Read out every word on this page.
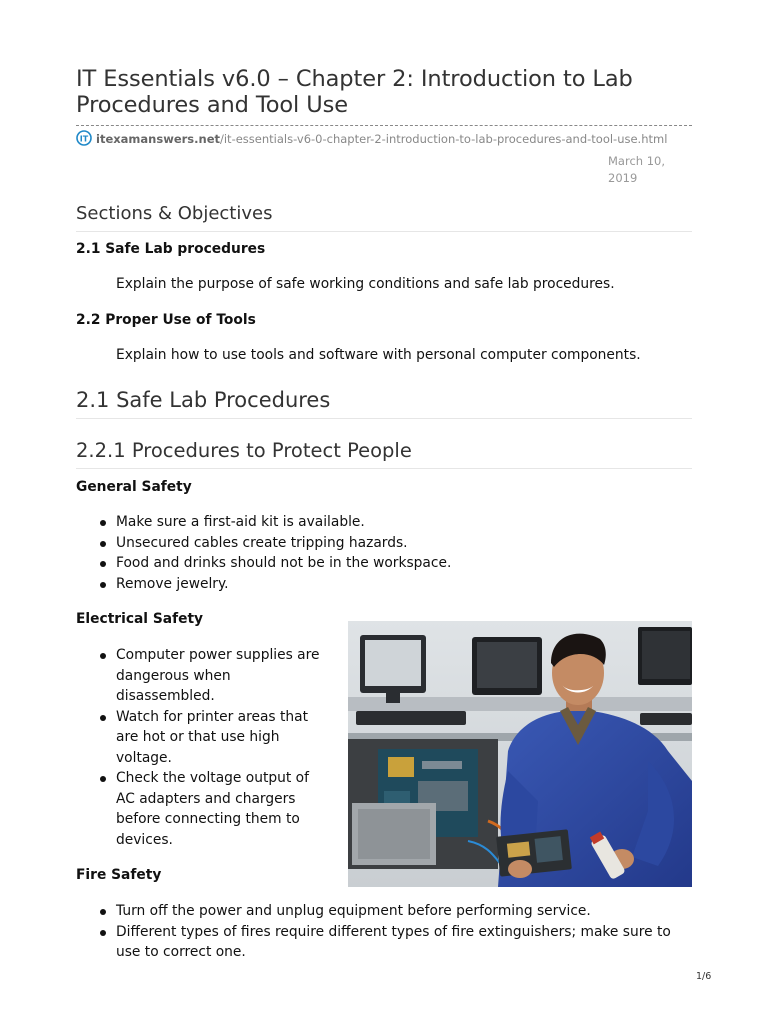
IT Essentials v6.0 – Chapter 2: Introduction to Lab Procedures and Tool Use
IT itexamanswers.net/it-essentials-v6-0-chapter-2-introduction-to-lab-procedures-and-tool-use.html
March 10, 2019
Sections & Objectives

2.1 Safe Lab procedures

Explain the purpose of safe working conditions and safe lab procedures.

2.2 Proper Use of Tools

Explain how to use tools and software with personal computer components.

2.1 Safe Lab Procedures
2.2.1 Procedures to Protect People

General Safety

Make sure a first-aid kit is available.
Unsecured cables create tripping hazards.
Food and drinks should not be in the workspace.
Remove jewelry.

Electrical Safety

Computer power supplies are dangerous when disassembled.
Watch for printer areas that are hot or that use high voltage.
Check the voltage output of AC adapters and chargers before connecting them to devices.

Fire Safety

Turn off the power and unplug equipment before performing service.
Different types of fires require different types of fire extinguishers; make sure to use to correct one.
1/6
